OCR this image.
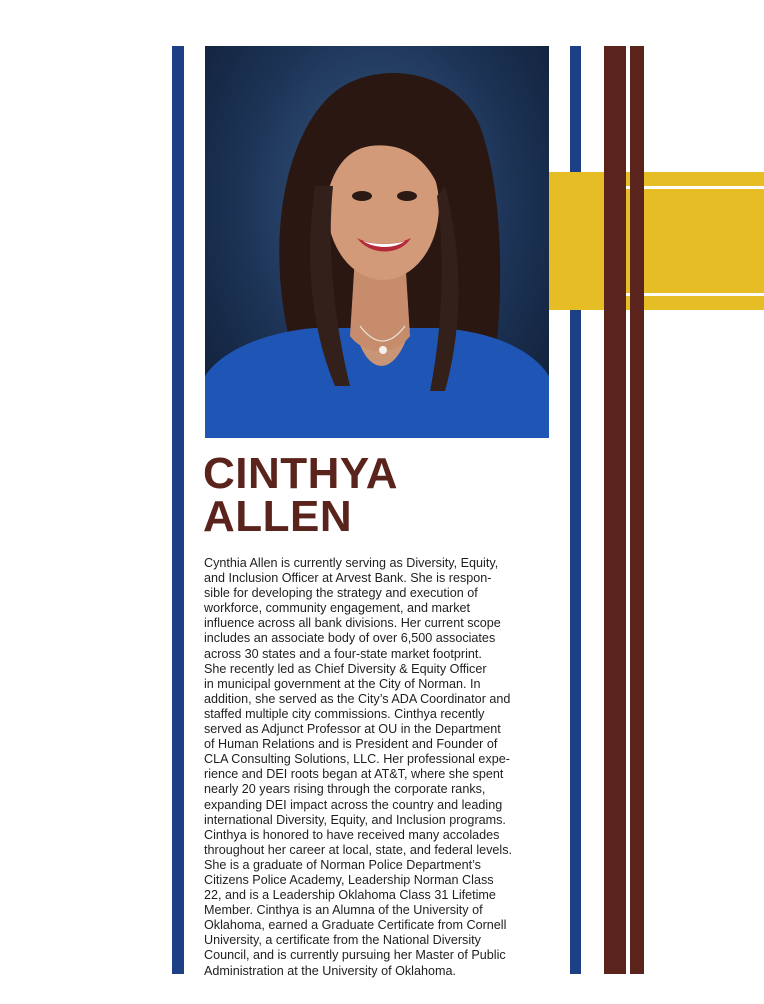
CINTHYA
ALLEN

Cynthia Allen is currently serving as Diversity, Equity,
and Inclusion Officer at Arvest Bank. She is respon-
sible for developing the strategy and execution of
workforce, community engagement, and market
influence across all bank divisions. Her current scope
includes an associate body of over 6,500 associates
across 30 states and a four-state market footprint.
She recently led as Chief Diversity & Equity Officer
in municipal government at the City of Norman. In
addition, she served as the City’s ADA Coordinator and
staffed multiple city commissions. Cinthya recently
served as Adjunct Professor at OU in the Department
of Human Relations and is President and Founder of
CLA Consulting Solutions, LLC. Her professional expe-
rience and DEI roots began at AT&T, where she spent
nearly 20 years rising through the corporate ranks,
expanding DEI impact across the country and leading
international Diversity, Equity, and Inclusion programs.
Cinthya is honored to have received many accolades
throughout her career at local, state, and federal levels.
She is a graduate of Norman Police Department’s
Citizens Police Academy, Leadership Norman Class
22, and is a Leadership Oklahoma Class 31 Lifetime
Member. Cinthya is an Alumna of the University of
Oklahoma, earned a Graduate Certificate from Cornell
University, a certificate from the National Diversity
Council, and is currently pursuing her Master of Public
Administration at the University of Oklahoma.
